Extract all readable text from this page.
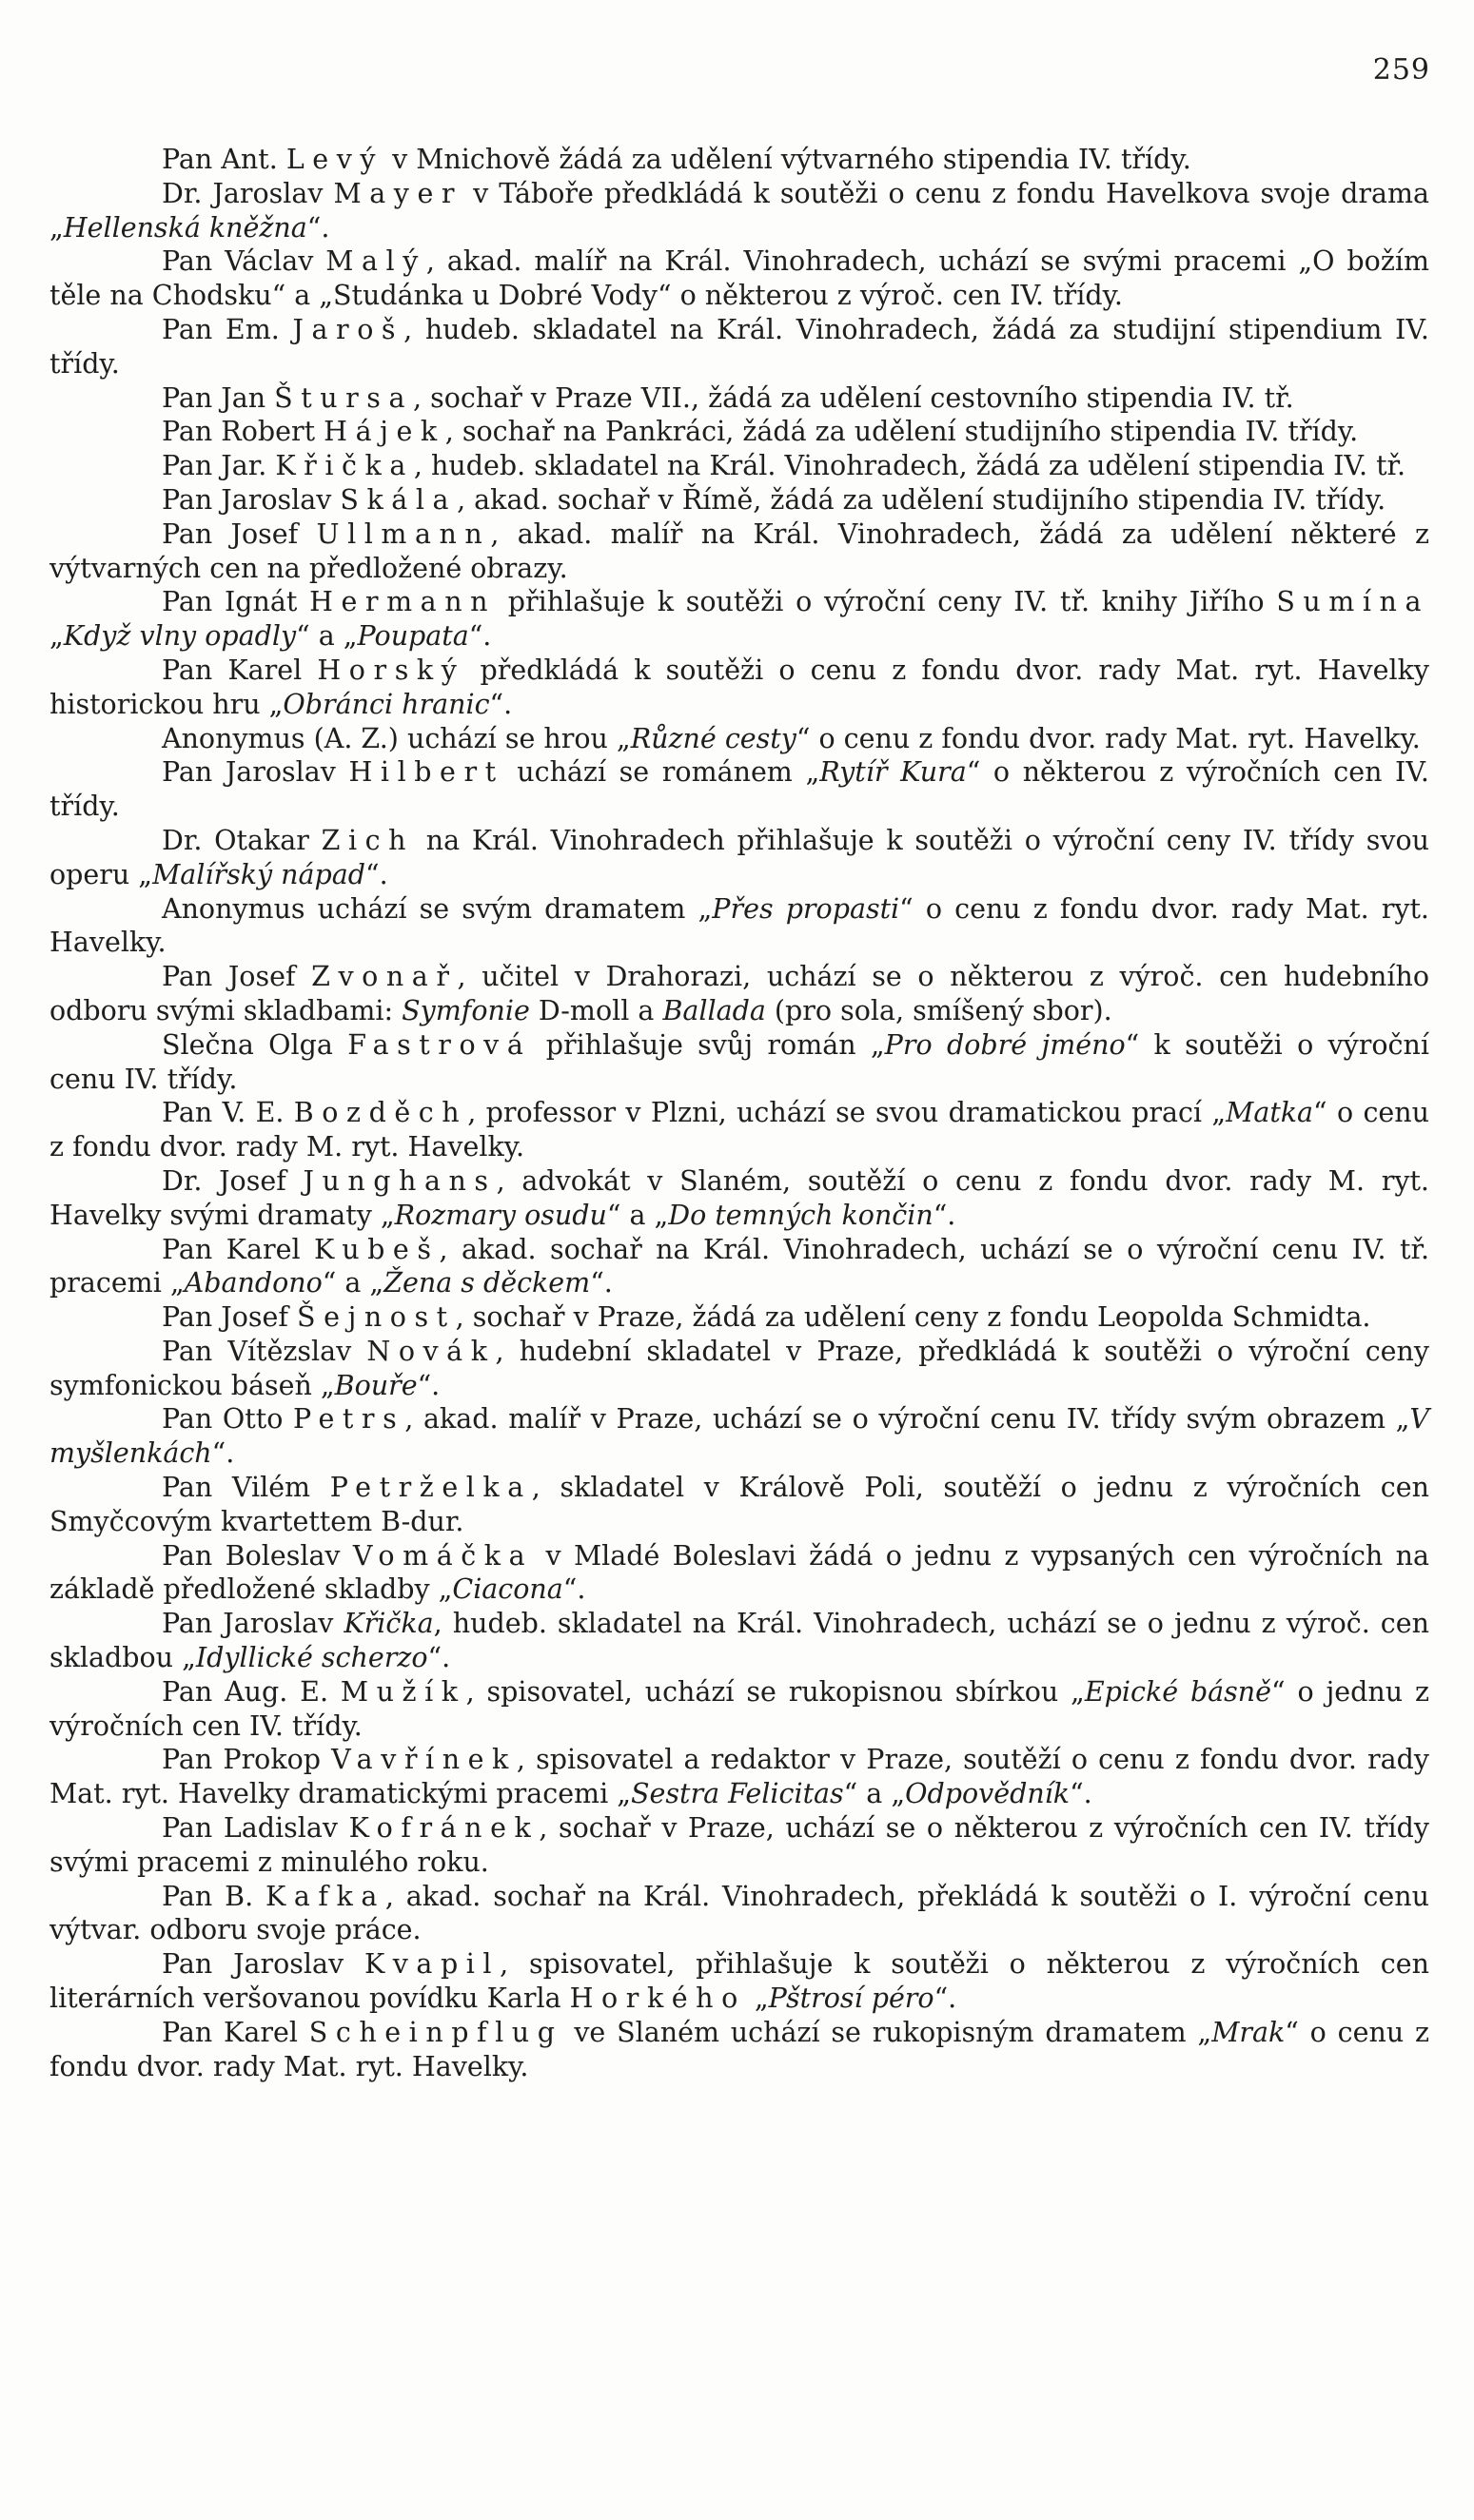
259

Pan Ant. Levý v Mnichově žádá za udělení výtvarného stipendia IV. třídy.

Dr. Jaroslav Mayer v Táboře předkládá k soutěži o cenu z fondu Havelkova svoje drama „Hellenská kněžna“.

Pan Václav Malý, akad. malíř na Král. Vinohradech, uchází se svými pracemi „O božím těle na Chodsku“ a „Studánka u Dobré Vody“ o některou z výroč. cen IV. třídy.

Pan Em. Jaroš, hudeb. skladatel na Král. Vinohradech, žádá za studijní stipendium IV. třídy.

Pan Jan Štursa, sochař v Praze VII., žádá za udělení cestovního stipendia IV. tř.

Pan Robert Hájek, sochař na Pankráci, žádá za udělení studijního stipendia IV. třídy.

Pan Jar. Křička, hudeb. skladatel na Král. Vinohradech, žádá za udělení stipendia IV. tř.

Pan Jaroslav Skála, akad. sochař v Římě, žádá za udělení studijního stipendia IV. třídy.

Pan Josef Ullmann, akad. malíř na Král. Vinohradech, žádá za udělení některé z výtvarných cen na předložené obrazy.

Pan Ignát Hermann přihlašuje k soutěži o výroční ceny IV. tř. knihy Jiřího Sumína „Když vlny opadly“ a „Poupata“.

Pan Karel Horský předkládá k soutěži o cenu z fondu dvor. rady Mat. ryt. Havelky historickou hru „Obránci hranic“.

Anonymus (A. Z.) uchází se hrou „Různé cesty“ o cenu z fondu dvor. rady Mat. ryt. Havelky.

Pan Jaroslav Hilbert uchází se románem „Rytíř Kura“ o některou z výročních cen IV. třídy.

Dr. Otakar Zich na Král. Vinohradech přihlašuje k soutěži o výroční ceny IV. třídy svou operu „Malířský nápad“.

Anonymus uchází se svým dramatem „Přes propasti“ o cenu z fondu dvor. rady Mat. ryt. Havelky.

Pan Josef Zvonař, učitel v Drahorazi, uchází se o některou z výroč. cen hudebního odboru svými skladbami: Symfonie D-moll a Ballada (pro sola, smíšený sbor).

Slečna Olga Fastrová přihlašuje svůj román „Pro dobré jméno“ k soutěži o výroční cenu IV. třídy.

Pan V. E. Bozděch, professor v Plzni, uchází se svou dramatickou prací „Matka“ o cenu z fondu dvor. rady M. ryt. Havelky.

Dr. Josef Junghans, advokát v Slaném, soutěží o cenu z fondu dvor. rady M. ryt. Havelky svými dramaty „Rozmary osudu“ a „Do temných končin“.

Pan Karel Kubeš, akad. sochař na Král. Vinohradech, uchází se o výroční cenu IV. tř. pracemi „Abandono“ a „Žena s děckem“.

Pan Josef Šejnost, sochař v Praze, žádá za udělení ceny z fondu Leopolda Schmidta.

Pan Vítězslav Novák, hudební skladatel v Praze, předkládá k soutěži o výroční ceny symfonickou báseň „Bouře“.

Pan Otto Petrs, akad. malíř v Praze, uchází se o výroční cenu IV. třídy svým obrazem „V myšlenkách“.

Pan Vilém Petrželka, skladatel v Králově Poli, soutěží o jednu z výročních cen Smyčcovým kvartettem B-dur.

Pan Boleslav Vomáčka v Mladé Boleslavi žádá o jednu z vypsaných cen výročních na základě předložené skladby „Ciacona“.

Pan Jaroslav Křička, hudeb. skladatel na Král. Vinohradech, uchází se o jednu z výroč. cen skladbou „Idyllické scherzo“.

Pan Aug. E. Mužík, spisovatel, uchází se rukopisnou sbírkou „Epické básně“ o jednu z výročních cen IV. třídy.

Pan Prokop Vavřínek, spisovatel a redaktor v Praze, soutěží o cenu z fondu dvor. rady Mat. ryt. Havelky dramatickými pracemi „Sestra Felicitas“ a „Odpovědník“.

Pan Ladislav Kofránek, sochař v Praze, uchází se o některou z výročních cen IV. třídy svými pracemi z minulého roku.

Pan B. Kafka, akad. sochař na Král. Vinohradech, překládá k soutěži o I. výroční cenu výtvar. odboru svoje práce.

Pan Jaroslav Kvapil, spisovatel, přihlašuje k soutěži o některou z výročních cen literárních veršovanou povídku Karla Horkého „Pštrosí péro“.

Pan Karel Scheinpflug ve Slaném uchází se rukopisným dramatem „Mrak“ o cenu z fondu dvor. rady Mat. ryt. Havelky.
